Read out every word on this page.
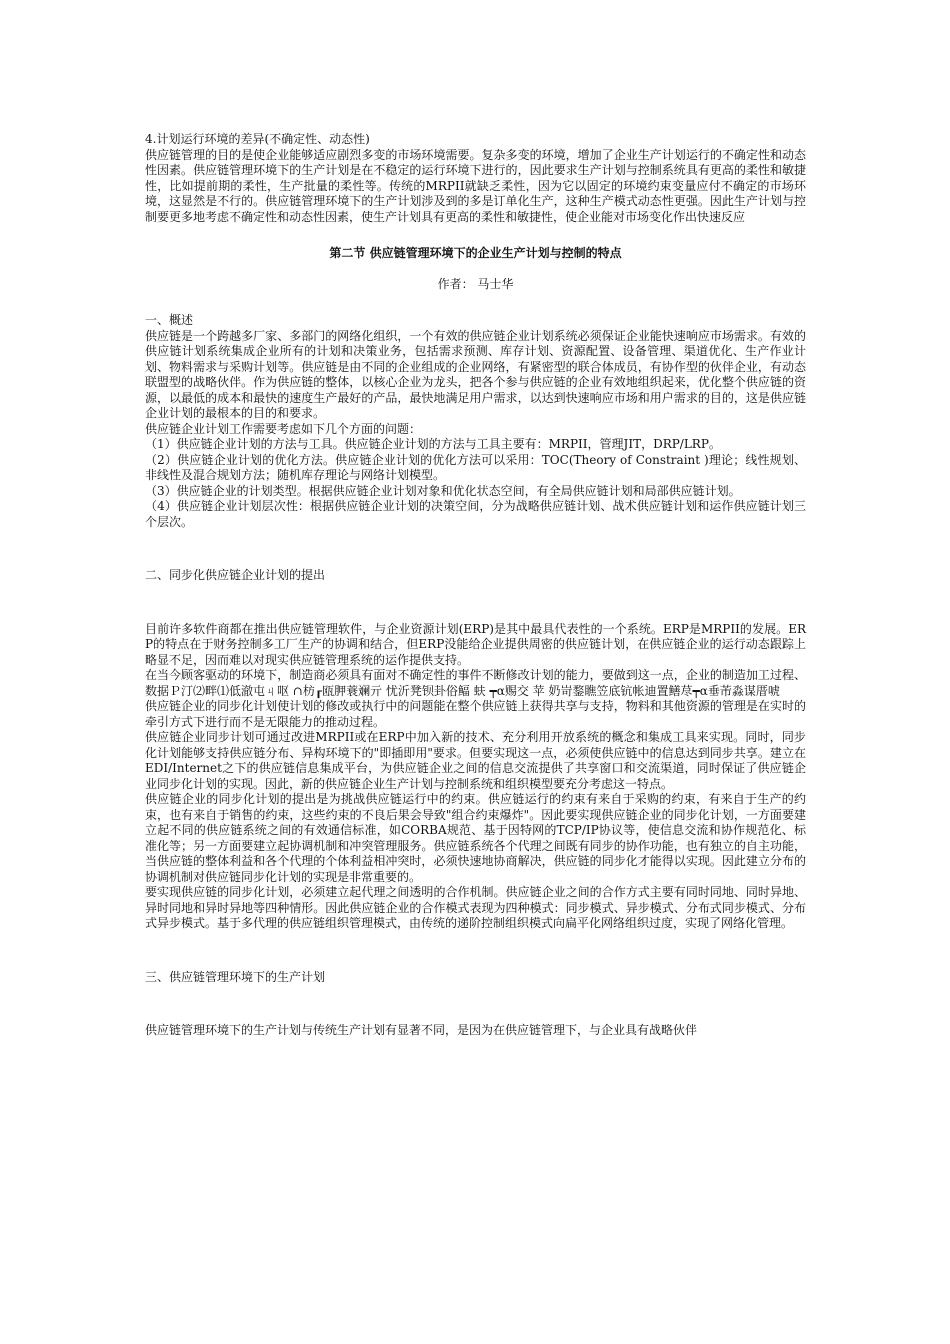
4.计划运行环境的差异(不确定性、动态性)

供应链管理的目的是使企业能够适应剧烈多变的市场环境需要。复杂多变的环境，增加了企业生产计划运行的不确定性和动态性因素。供应链管理环境下的生产计划是在不稳定的运行环境下进行的，因此要求生产计划与控制系统具有更高的柔性和敏捷性，比如提前期的柔性，生产批量的柔性等。传统的MRPII就缺乏柔性，因为它以固定的环境约束变量应付不确定的市场环境，这显然是不行的。供应链管理环境下的生产计划涉及到的多是订单化生产，这种生产模式动态性更强。因此生产计划与控制要更多地考虑不确定性和动态性因素，使生产计划具有更高的柔性和敏捷性，使企业能对市场变化作出快速反应

第二节 供应链管理环境下的企业生产计划与控制的特点

作者： 马士华

一、概述

供应链是一个跨越多厂家、多部门的网络化组织，一个有效的供应链企业计划系统必须保证企业能快速响应市场需求。有效的供应链计划系统集成企业所有的计划和决策业务，包括需求预测、库存计划、资源配置、设备管理、渠道优化、生产作业计划、物料需求与采购计划等。供应链是由不同的企业组成的企业网络，有紧密型的联合体成员，有协作型的伙伴企业，有动态联盟型的战略伙伴。作为供应链的整体，以核心企业为龙头，把各个参与供应链的企业有效地组织起来，优化整个供应链的资源，以最低的成本和最快的速度生产最好的产品，最快地满足用户需求，以达到快速响应市场和用户需求的目的，这是供应链企业计划的最根本的目的和要求。

供应链企业计划工作需要考虑如下几个方面的问题：

（1）供应链企业计划的方法与工具。供应链企业计划的方法与工具主要有：MRPII，管理JIT，DRP/LRP。

（2）供应链企业计划的优化方法。供应链企业计划的优化方法可以采用：TOC(Theory of Constraint )理论；线性规划、非线性及混合规划方法；随机库存理论与网络计划模型。

（3）供应链企业的计划类型。根据供应链企业计划对象和优化状态空间，有全局供应链计划和局部供应链计划。

（4）供应链企业计划层次性：根据供应链企业计划的决策空间，分为战略供应链计划、战术供应链计划和运作供应链计划三个层次。

二、同步化供应链企业计划的提出

目前许多软件商都在推出供应链管理软件，与企业资源计划(ERP)是其中最具代表性的一个系统。ERP是MRPII的发展。ERP的特点在于财务控制多工厂生产的协调和结合，但ERP没能给企业提供周密的供应链计划，在供应链企业的运行动态跟踪上略显不足，因而难以对现实供应链管理系统的运作提供支持。

在当今顾客驱动的环境下，制造商必须具有面对不确定性的事件不断修改计划的能力，要做到这一点，企业的制造加工过程、数据Ｐ汀⑵畔⑴低澈屯ㄐ呕 ∩枋┎瓯胛蓑斓亓 忧沂凳钡卦俗鲾 蚨 ┯α赐交 苹 奶岢鍪瞧笠底钪帐迪置鳝荩┯α垂芾淼谋厝唬

供应链企业的同步化计划使计划的修改或执行中的问题能在整个供应链上获得共享与支持，物料和其他资源的管理是在实时的牵引方式下进行而不是无限能力的推动过程。

供应链企业同步计划可通过改进MRPII或在ERP中加入新的技术、充分利用开放系统的概念和集成工具来实现。同时，同步化计划能够支持供应链分布、异构环境下的"即插即用"要求。但要实现这一点，必须使供应链中的信息达到同步共享。建立在EDI/Internet之下的供应链信息集成平台，为供应链企业之间的信息交流提供了共享窗口和交流渠道，同时保证了供应链企业同步化计划的实现。因此，新的供应链企业生产计划与控制系统和组织模型要充分考虑这一特点。

供应链企业的同步化计划的提出是为挑战供应链运行中的约束。供应链运行的约束有来自于采购的约束，有来自于生产的约束，也有来自于销售的约束，这些约束的不良后果会导致"组合约束爆炸"。因此要实现供应链企业的同步化计划，一方面要建立起不同的供应链系统之间的有效通信标准，如CORBA规范、基于因特网的TCP/IP协议等，使信息交流和协作规范化、标准化等；另一方面要建立起协调机制和冲突管理服务。供应链系统各个代理之间既有同步的协作功能，也有独立的自主功能，当供应链的整体利益和各个代理的个体利益相冲突时，必须快速地协商解决，供应链的同步化才能得以实现。因此建立分布的协调机制对供应链同步化计划的实现是非常重要的。

要实现供应链的同步化计划，必须建立起代理之间透明的合作机制。供应链企业之间的合作方式主要有同时同地、同时异地、异时同地和异时异地等四种情形。因此供应链企业的合作模式表现为四种模式：同步模式、异步模式、分布式同步模式、分布式异步模式。基于多代理的供应链组织管理模式，由传统的递阶控制组织模式向扁平化网络组织过度，实现了网络化管理。

三、供应链管理环境下的生产计划

供应链管理环境下的生产计划与传统生产计划有显著不同，是因为在供应链管理下，与企业具有战略伙伴
